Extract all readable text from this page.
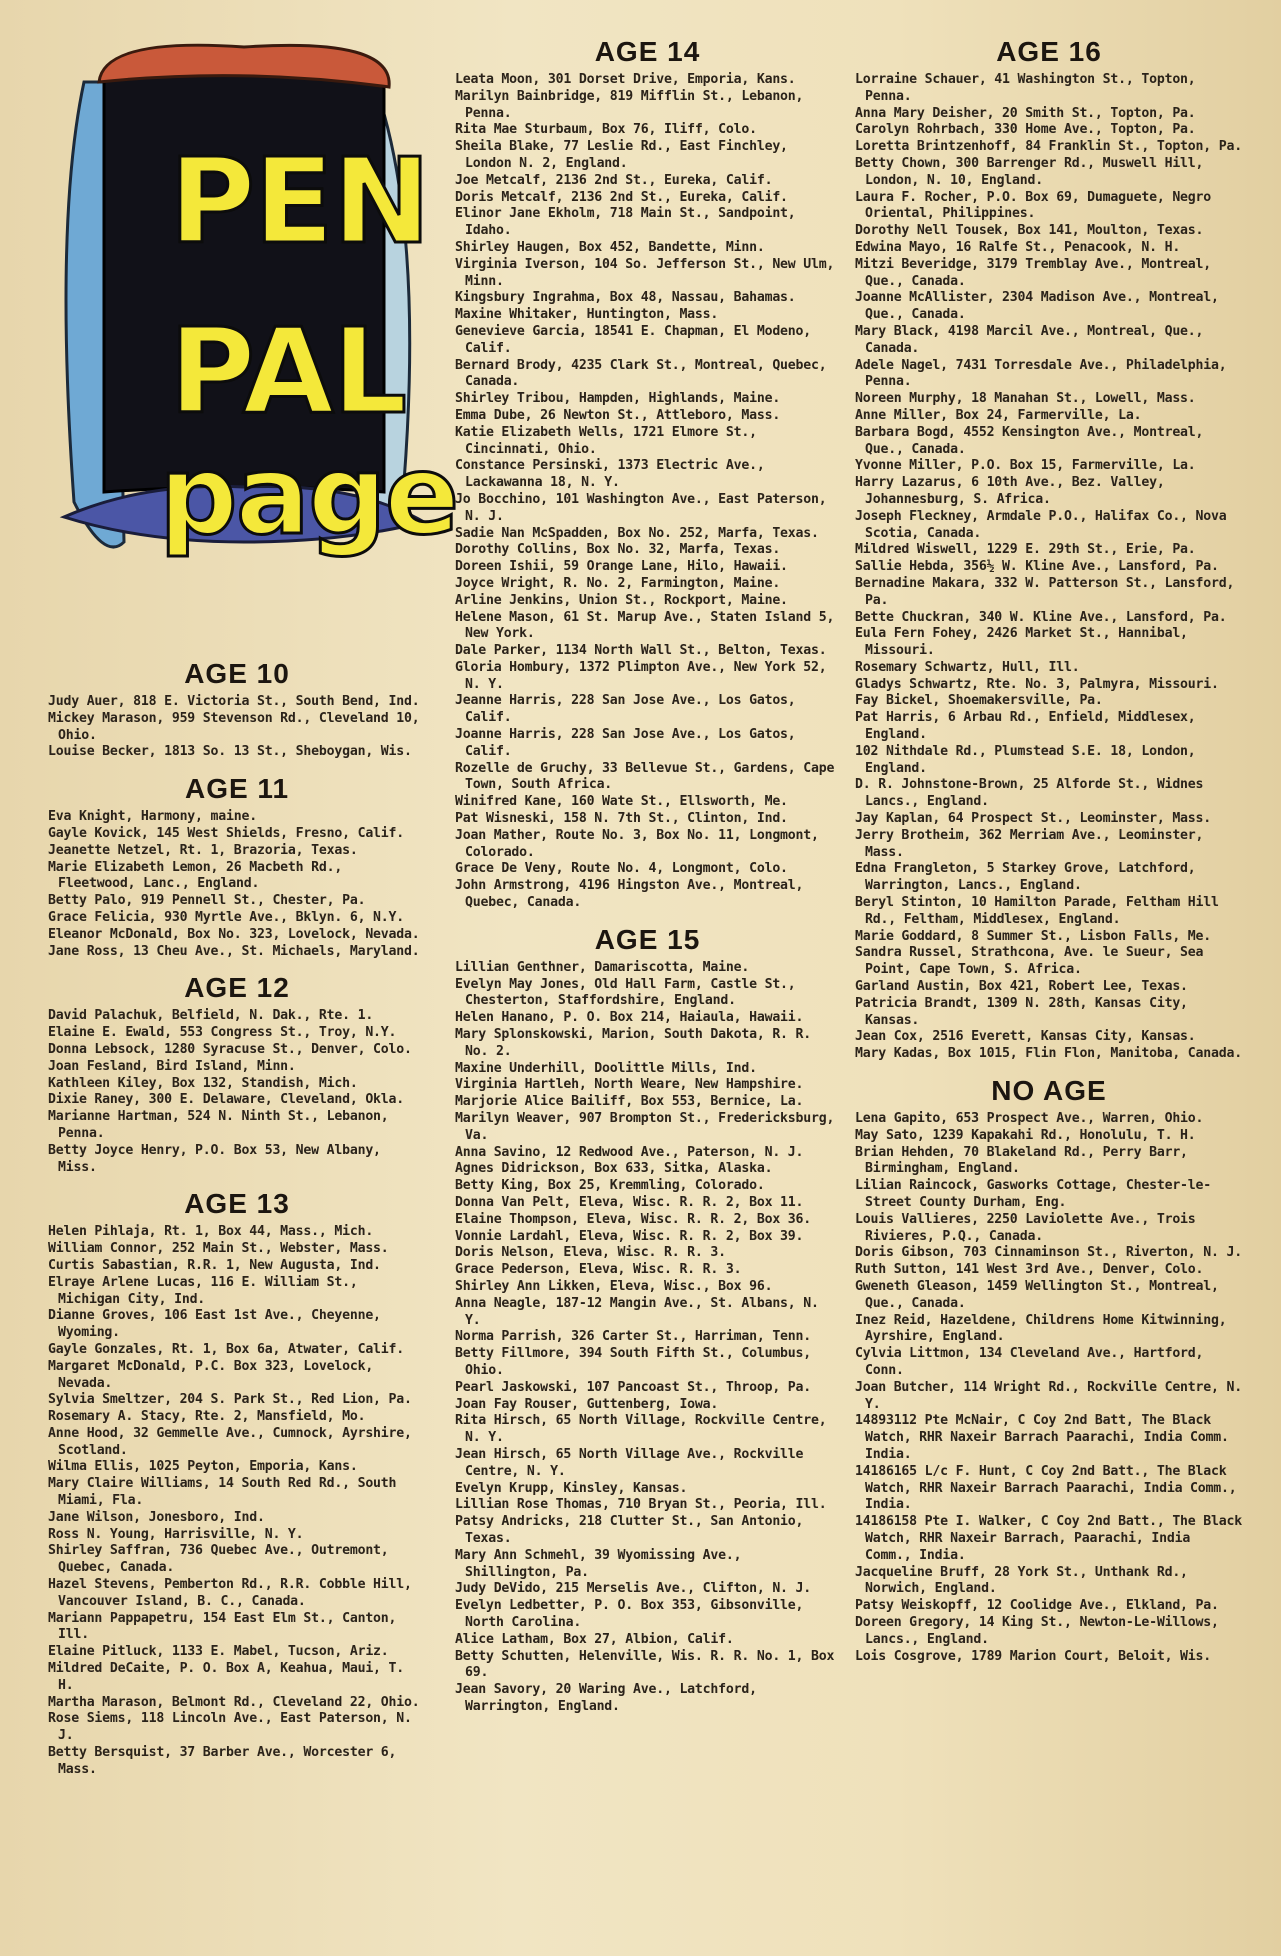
PEN
PAL
page
AGE 10
Judy Auer, 818 E. Victoria St., South Bend, Ind.
Mickey Marason, 959 Stevenson Rd., Cleveland 10, Ohio.
Louise Becker, 1813 So. 13 St., Sheboygan, Wis.
AGE 11
Eva Knight, Harmony, maine.
Gayle Kovick, 145 West Shields, Fresno, Calif.
Jeanette Netzel, Rt. 1, Brazoria, Texas.
Marie Elizabeth Lemon, 26 Macbeth Rd., Fleetwood, Lanc., England.
Betty Palo, 919 Pennell St., Chester, Pa.
Grace Felicia, 930 Myrtle Ave., Bklyn. 6, N.Y.
Eleanor McDonald, Box No. 323, Lovelock, Nevada.
Jane Ross, 13 Cheu Ave., St. Michaels, Maryland.
AGE 12
David Palachuk, Belfield, N. Dak., Rte. 1.
Elaine E. Ewald, 553 Congress St., Troy, N.Y.
Donna Lebsock, 1280 Syracuse St., Denver, Colo.
Joan Fesland, Bird Island, Minn.
Kathleen Kiley, Box 132, Standish, Mich.
Dixie Raney, 300 E. Delaware, Cleveland, Okla.
Marianne Hartman, 524 N. Ninth St., Lebanon, Penna.
Betty Joyce Henry, P.O. Box 53, New Albany, Miss.
AGE 13
Helen Pihlaja, Rt. 1, Box 44, Mass., Mich.
William Connor, 252 Main St., Webster, Mass.
Curtis Sabastian, R.R. 1, New Augusta, Ind.
Elraye Arlene Lucas, 116 E. William St., Michigan City, Ind.
Dianne Groves, 106 East 1st Ave., Cheyenne, Wyoming.
Gayle Gonzales, Rt. 1, Box 6a, Atwater, Calif.
Margaret McDonald, P.C. Box 323, Lovelock, Nevada.
Sylvia Smeltzer, 204 S. Park St., Red Lion, Pa.
Rosemary A. Stacy, Rte. 2, Mansfield, Mo.
Anne Hood, 32 Gemmelle Ave., Cumnock, Ayrshire, Scotland.
Wilma Ellis, 1025 Peyton, Emporia, Kans.
Mary Claire Williams, 14 South Red Rd., South Miami, Fla.
Jane Wilson, Jonesboro, Ind.
Ross N. Young, Harrisville, N. Y.
Shirley Saffran, 736 Quebec Ave., Outremont, Quebec, Canada.
Hazel Stevens, Pemberton Rd., R.R. Cobble Hill, Vancouver Island, B. C., Canada.
Mariann Pappapetru, 154 East Elm St., Canton, Ill.
Elaine Pitluck, 1133 E. Mabel, Tucson, Ariz.
Mildred DeCaite, P. O. Box A, Keahua, Maui, T. H.
Martha Marason, Belmont Rd., Cleveland 22, Ohio.
Rose Siems, 118 Lincoln Ave., East Paterson, N. J.
Betty Bersquist, 37 Barber Ave., Worcester 6, Mass.
AGE 14
Leata Moon, 301 Dorset Drive, Emporia, Kans.
Marilyn Bainbridge, 819 Mifflin St., Lebanon, Penna.
Rita Mae Sturbaum, Box 76, Iliff, Colo.
Sheila Blake, 77 Leslie Rd., East Finchley, London N. 2, England.
Joe Metcalf, 2136 2nd St., Eureka, Calif.
Doris Metcalf, 2136 2nd St., Eureka, Calif.
Elinor Jane Ekholm, 718 Main St., Sandpoint, Idaho.
Shirley Haugen, Box 452, Bandette, Minn.
Virginia Iverson, 104 So. Jefferson St., New Ulm, Minn.
Kingsbury Ingrahma, Box 48, Nassau, Bahamas.
Maxine Whitaker, Huntington, Mass.
Genevieve Garcia, 18541 E. Chapman, El Modeno, Calif.
Bernard Brody, 4235 Clark St., Montreal, Quebec, Canada.
Shirley Tribou, Hampden, Highlands, Maine.
Emma Dube, 26 Newton St., Attleboro, Mass.
Katie Elizabeth Wells, 1721 Elmore St., Cincinnati, Ohio.
Constance Persinski, 1373 Electric Ave., Lackawanna 18, N. Y.
Jo Bocchino, 101 Washington Ave., East Paterson, N. J.
Sadie Nan McSpadden, Box No. 252, Marfa, Texas.
Dorothy Collins, Box No. 32, Marfa, Texas.
Doreen Ishii, 59 Orange Lane, Hilo, Hawaii.
Joyce Wright, R. No. 2, Farmington, Maine.
Arline Jenkins, Union St., Rockport, Maine.
Helene Mason, 61 St. Marup Ave., Staten Island 5, New York.
Dale Parker, 1134 North Wall St., Belton, Texas.
Gloria Hombury, 1372 Plimpton Ave., New York 52, N. Y.
Jeanne Harris, 228 San Jose Ave., Los Gatos, Calif.
Joanne Harris, 228 San Jose Ave., Los Gatos, Calif.
Rozelle de Gruchy, 33 Bellevue St., Gardens, Cape Town, South Africa.
Winifred Kane, 160 Wate St., Ellsworth, Me.
Pat Wisneski, 158 N. 7th St., Clinton, Ind.
Joan Mather, Route No. 3, Box No. 11, Longmont, Colorado.
Grace De Veny, Route No. 4, Longmont, Colo.
John Armstrong, 4196 Hingston Ave., Montreal, Quebec, Canada.
AGE 15
Lillian Genthner, Damariscotta, Maine.
Evelyn May Jones, Old Hall Farm, Castle St., Chesterton, Staffordshire, England.
Helen Hanano, P. O. Box 214, Haiaula, Hawaii.
Mary Splonskowski, Marion, South Dakota, R. R. No. 2.
Maxine Underhill, Doolittle Mills, Ind.
Virginia Hartleh, North Weare, New Hampshire.
Marjorie Alice Bailiff, Box 553, Bernice, La.
Marilyn Weaver, 907 Brompton St., Fredericksburg, Va.
Anna Savino, 12 Redwood Ave., Paterson, N. J.
Agnes Didrickson, Box 633, Sitka, Alaska.
Betty King, Box 25, Kremmling, Colorado.
Donna Van Pelt, Eleva, Wisc. R. R. 2, Box 11.
Elaine Thompson, Eleva, Wisc. R. R. 2, Box 36.
Vonnie Lardahl, Eleva, Wisc. R. R. 2, Box 39.
Doris Nelson, Eleva, Wisc. R. R. 3.
Grace Pederson, Eleva, Wisc. R. R. 3.
Shirley Ann Likken, Eleva, Wisc., Box 96.
Anna Neagle, 187-12 Mangin Ave., St. Albans, N. Y.
Norma Parrish, 326 Carter St., Harriman, Tenn.
Betty Fillmore, 394 South Fifth St., Columbus, Ohio.
Pearl Jaskowski, 107 Pancoast St., Throop, Pa.
Joan Fay Rouser, Guttenberg, Iowa.
Rita Hirsch, 65 North Village, Rockville Centre, N. Y.
Jean Hirsch, 65 North Village Ave., Rockville Centre, N. Y.
Evelyn Krupp, Kinsley, Kansas.
Lillian Rose Thomas, 710 Bryan St., Peoria, Ill.
Patsy Andricks, 218 Clutter St., San Antonio, Texas.
Mary Ann Schmehl, 39 Wyomissing Ave., Shillington, Pa.
Judy DeVido, 215 Merselis Ave., Clifton, N. J.
Evelyn Ledbetter, P. O. Box 353, Gibsonville, North Carolina.
Alice Latham, Box 27, Albion, Calif.
Betty Schutten, Helenville, Wis. R. R. No. 1, Box 69.
Jean Savory, 20 Waring Ave., Latchford, Warrington, England.
AGE 16
Lorraine Schauer, 41 Washington St., Topton, Penna.
Anna Mary Deisher, 20 Smith St., Topton, Pa.
Carolyn Rohrbach, 330 Home Ave., Topton, Pa.
Loretta Brintzenhoff, 84 Franklin St., Topton, Pa.
Betty Chown, 300 Barrenger Rd., Muswell Hill, London, N. 10, England.
Laura F. Rocher, P.O. Box 69, Dumaguete, Negro Oriental, Philippines.
Dorothy Nell Tousek, Box 141, Moulton, Texas.
Edwina Mayo, 16 Ralfe St., Penacook, N. H.
Mitzi Beveridge, 3179 Tremblay Ave., Montreal, Que., Canada.
Joanne McAllister, 2304 Madison Ave., Montreal, Que., Canada.
Mary Black, 4198 Marcil Ave., Montreal, Que., Canada.
Adele Nagel, 7431 Torresdale Ave., Philadelphia, Penna.
Noreen Murphy, 18 Manahan St., Lowell, Mass.
Anne Miller, Box 24, Farmerville, La.
Barbara Bogd, 4552 Kensington Ave., Montreal, Que., Canada.
Yvonne Miller, P.O. Box 15, Farmerville, La.
Harry Lazarus, 6 10th Ave., Bez. Valley, Johannesburg, S. Africa.
Joseph Fleckney, Armdale P.O., Halifax Co., Nova Scotia, Canada.
Mildred Wiswell, 1229 E. 29th St., Erie, Pa.
Sallie Hebda, 356½ W. Kline Ave., Lansford, Pa.
Bernadine Makara, 332 W. Patterson St., Lansford, Pa.
Bette Chuckran, 340 W. Kline Ave., Lansford, Pa.
Eula Fern Fohey, 2426 Market St., Hannibal, Missouri.
Rosemary Schwartz, Hull, Ill.
Gladys Schwartz, Rte. No. 3, Palmyra, Missouri.
Fay Bickel, Shoemakersville, Pa.
Pat Harris, 6 Arbau Rd., Enfield, Middlesex, England.
102 Nithdale Rd., Plumstead S.E. 18, London, England.
D. R. Johnstone-Brown, 25 Alforde St., Widnes Lancs., England.
Jay Kaplan, 64 Prospect St., Leominster, Mass.
Jerry Brotheim, 362 Merriam Ave., Leominster, Mass.
Edna Frangleton, 5 Starkey Grove, Latchford, Warrington, Lancs., England.
Beryl Stinton, 10 Hamilton Parade, Feltham Hill Rd., Feltham, Middlesex, England.
Marie Goddard, 8 Summer St., Lisbon Falls, Me.
Sandra Russel, Strathcona, Ave. le Sueur, Sea Point, Cape Town, S. Africa.
Garland Austin, Box 421, Robert Lee, Texas.
Patricia Brandt, 1309 N. 28th, Kansas City, Kansas.
Jean Cox, 2516 Everett, Kansas City, Kansas.
Mary Kadas, Box 1015, Flin Flon, Manitoba, Canada.
NO AGE
Lena Gapito, 653 Prospect Ave., Warren, Ohio.
May Sato, 1239 Kapakahi Rd., Honolulu, T. H.
Brian Hehden, 70 Blakeland Rd., Perry Barr, Birmingham, England.
Lilian Raincock, Gasworks Cottage, Chester-le-Street County Durham, Eng.
Louis Vallieres, 2250 Laviolette Ave., Trois Rivieres, P.Q., Canada.
Doris Gibson, 703 Cinnaminson St., Riverton, N. J.
Ruth Sutton, 141 West 3rd Ave., Denver, Colo.
Gweneth Gleason, 1459 Wellington St., Montreal, Que., Canada.
Inez Reid, Hazeldene, Childrens Home Kitwinning, Ayrshire, England.
Cylvia Littmon, 134 Cleveland Ave., Hartford, Conn.
Joan Butcher, 114 Wright Rd., Rockville Centre, N. Y.
14893112 Pte McNair, C Coy 2nd Batt, The Black Watch, RHR Naxeir Barrach Paarachi, India Comm. India.
14186165 L/c F. Hunt, C Coy 2nd Batt., The Black Watch, RHR Naxeir Barrach Paarachi, India Comm., India.
14186158 Pte I. Walker, C Coy 2nd Batt., The Black Watch, RHR Naxeir Barrach, Paarachi, India Comm., India.
Jacqueline Bruff, 28 York St., Unthank Rd., Norwich, England.
Patsy Weiskopff, 12 Coolidge Ave., Elkland, Pa.
Doreen Gregory, 14 King St., Newton-Le-Willows, Lancs., England.
Lois Cosgrove, 1789 Marion Court, Beloit, Wis.
